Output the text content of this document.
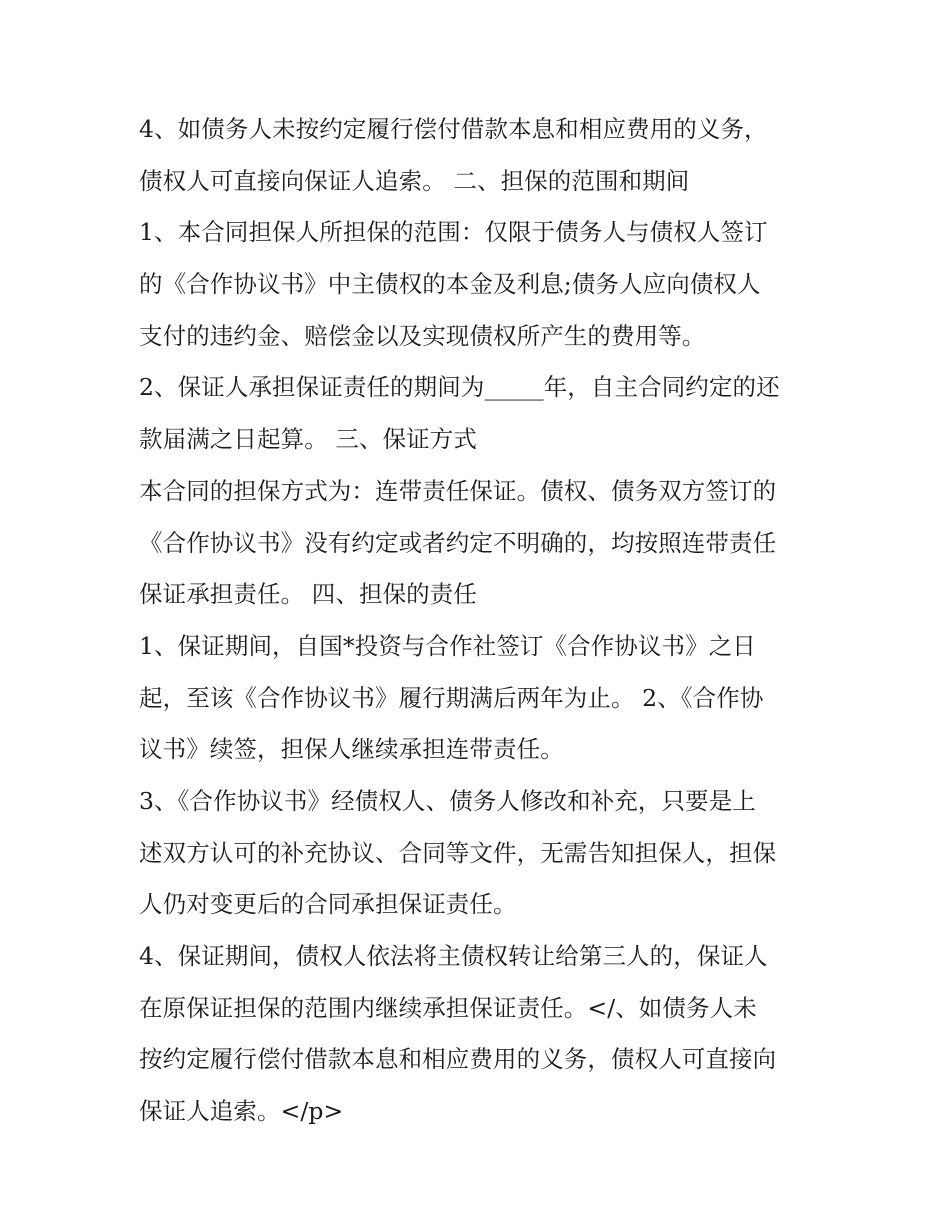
4、如债务人未按约定履行偿付借款本息和相应费用的义务，
债权人可直接向保证人追索。 二、担保的范围和期间
1、本合同担保人所担保的范围：仅限于债务人与债权人签订
的《合作协议书》中主债权的本金及利息;债务人应向债权人
支付的违约金、赔偿金以及实现债权所产生的费用等。
2、保证人承担保证责任的期间为_____年，自主合同约定的还
款届满之日起算。 三、保证方式
本合同的担保方式为：连带责任保证。债权、债务双方签订的
《合作协议书》没有约定或者约定不明确的，均按照连带责任
保证承担责任。 四、担保的责任
1、保证期间，自国*投资与合作社签订《合作协议书》之日
起，至该《合作协议书》履行期满后两年为止。 2、《合作协
议书》续签，担保人继续承担连带责任。
3、《合作协议书》经债权人、债务人修改和补充，只要是上
述双方认可的补充协议、合同等文件，无需告知担保人，担保
人仍对变更后的合同承担保证责任。
4、保证期间，债权人依法将主债权转让给第三人的，保证人
在原保证担保的范围内继续承担保证责任。</、如债务人未
按约定履行偿付借款本息和相应费用的义务，债权人可直接向
保证人追索。</p>
